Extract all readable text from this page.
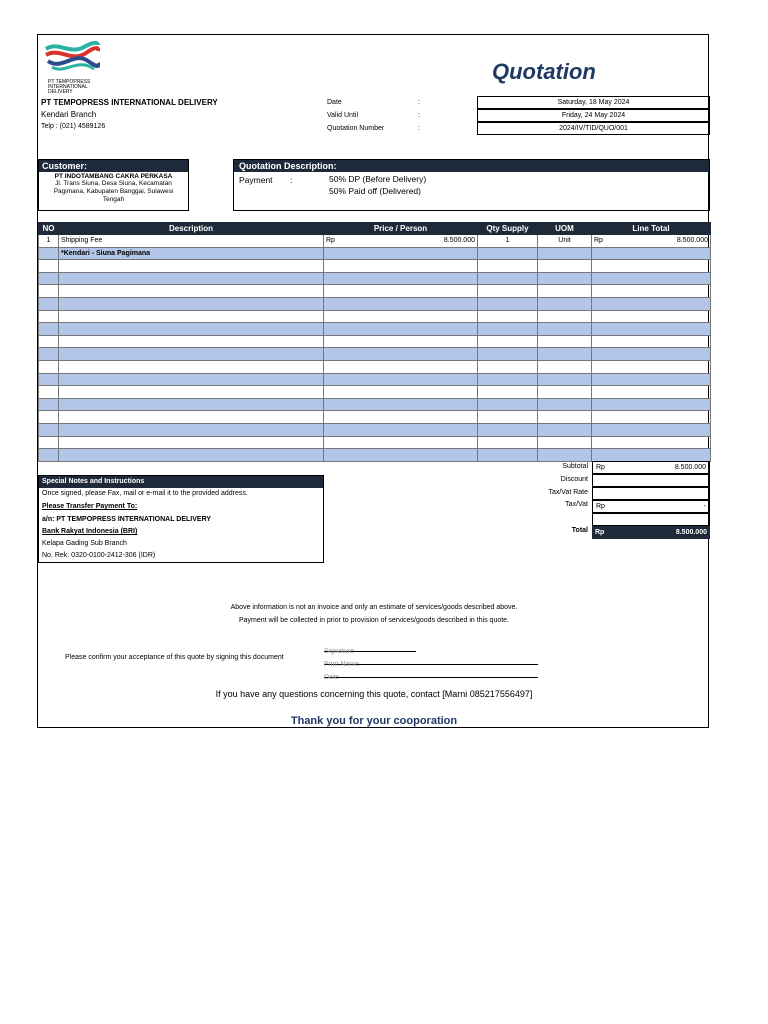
PT TEMPOPRESS INTERNATIONAL DELIVERY
Quotation
PT TEMPOPRESS INTERNATIONAL DELIVERY
Kendari Branch
Telp : (021) 4589126
Date	:	Saturday, 18 May 2024
Valid Until	:	Friday, 24 May 2024
Quotation Number	:	2024/IV/TID/QUO/001
Customer:
PT INDOTAMBANG CAKRA PERKASA
Jl. Trans Siuna, Desa Siuna, Kecamatan Pagimana, Kabupaten Banggai, Sulawesi Tengah
Quotation Description:
Payment :	50% DP (Before Delivery)
50% Paid off (Delivered)
NO	Description	Price / Person	Qty Supply	UOM	Line Total
1	Shipping Fee	Rp 8.500.000	1	Unit	Rp 8.500.000

	*Kendari - Siuna Pagimana				

Special Notes and Instructions
Once signed, please Fax, mail or e-mail it to the provided address.
Please Transfer Payment To:
a/n: PT TEMPOPRESS INTERNATIONAL DELIVERY
Bank Rakyat Indonesia (BRI)
Kelapa Gading Sub Branch
No. Rek. 0320-0100-2412-306 (IDR)
Subtotal	Rp	8.500.000
Discount
Tax/Vat Rate
Tax/Vat	Rp	-
Total	Rp	8.500.000
Above information is not an invoice and only an estimate of services/goods described above.
Payment will be collected in prior to provision of services/goods described in this quote.
Please confirm your acceptance of this quote by signing this document
Signature
Print Name
Date
If you have any questions concerning this quote, contact [Marni 085217556497]
Thank you for your cooporation
